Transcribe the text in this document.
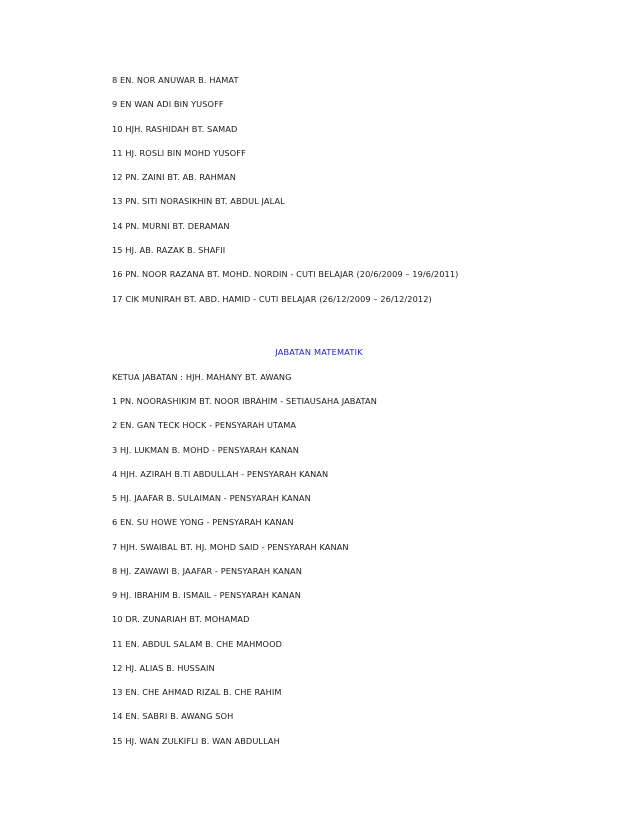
8 EN. NOR ANUWAR B. HAMAT
9 EN WAN ADI BIN YUSOFF
10 HJH. RASHIDAH BT. SAMAD
11 HJ. ROSLI BIN MOHD YUSOFF
12 PN. ZAINI BT. AB. RAHMAN
13 PN. SITI NORASIKHIN BT. ABDUL JALAL
14 PN. MURNI BT. DERAMAN
15 HJ. AB. RAZAK B. SHAFII
16 PN. NOOR RAZANA BT. MOHD. NORDIN - CUTI BELAJAR (20/6/2009 – 19/6/2011)
17 CIK MUNIRAH BT. ABD. HAMID - CUTI BELAJAR (26/12/2009 – 26/12/2012)
JABATAN MATEMATIK
KETUA JABATAN : HJH. MAHANY BT. AWANG
1 PN. NOORASHIKIM BT. NOOR IBRAHIM - SETIAUSAHA JABATAN
2 EN. GAN TECK HOCK - PENSYARAH UTAMA
3 HJ. LUKMAN B. MOHD - PENSYARAH KANAN
4 HJH. AZIRAH B.TI ABDULLAH - PENSYARAH KANAN
5 HJ. JAAFAR B. SULAIMAN - PENSYARAH KANAN
6 EN. SU HOWE YONG - PENSYARAH KANAN
7 HJH. SWAIBAL BT. HJ. MOHD SAID - PENSYARAH KANAN
8 HJ. ZAWAWI B. JAAFAR - PENSYARAH KANAN
9 HJ. IBRAHIM B. ISMAIL - PENSYARAH KANAN
10 DR. ZUNARIAH BT. MOHAMAD
11 EN. ABDUL SALAM B. CHE MAHMOOD
12 HJ. ALIAS B. HUSSAIN
13 EN. CHE AHMAD RIZAL B. CHE RAHIM
14 EN. SABRI B. AWANG SOH
15 HJ. WAN ZULKIFLI B. WAN ABDULLAH
